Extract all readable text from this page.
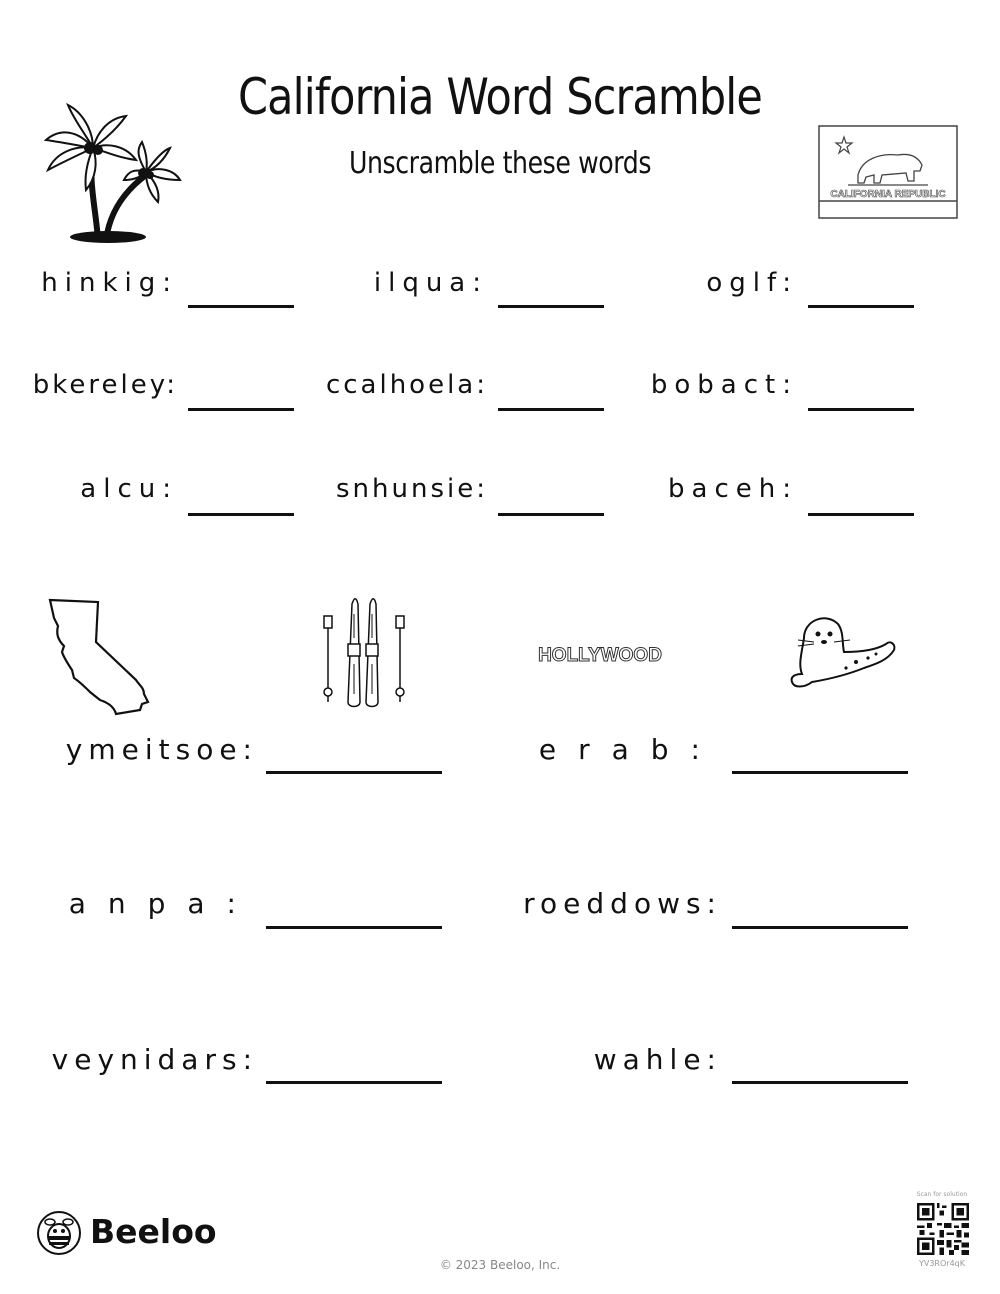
California Word Scramble
Unscramble these words
CALIFORNIA REPUBLIC
hinkig:	ilqua:	oglf:
bkereley:	ccalhoela:	bobact:
alcu:	snhunsie:	baceh:
HOLLYWOOD
ymeitsoe:	erab:
anpa:	roeddows:
veynidars:	wahle:
Beeloo
© 2023 Beeloo, Inc.
Scan for solution
YV3ROr4qK
